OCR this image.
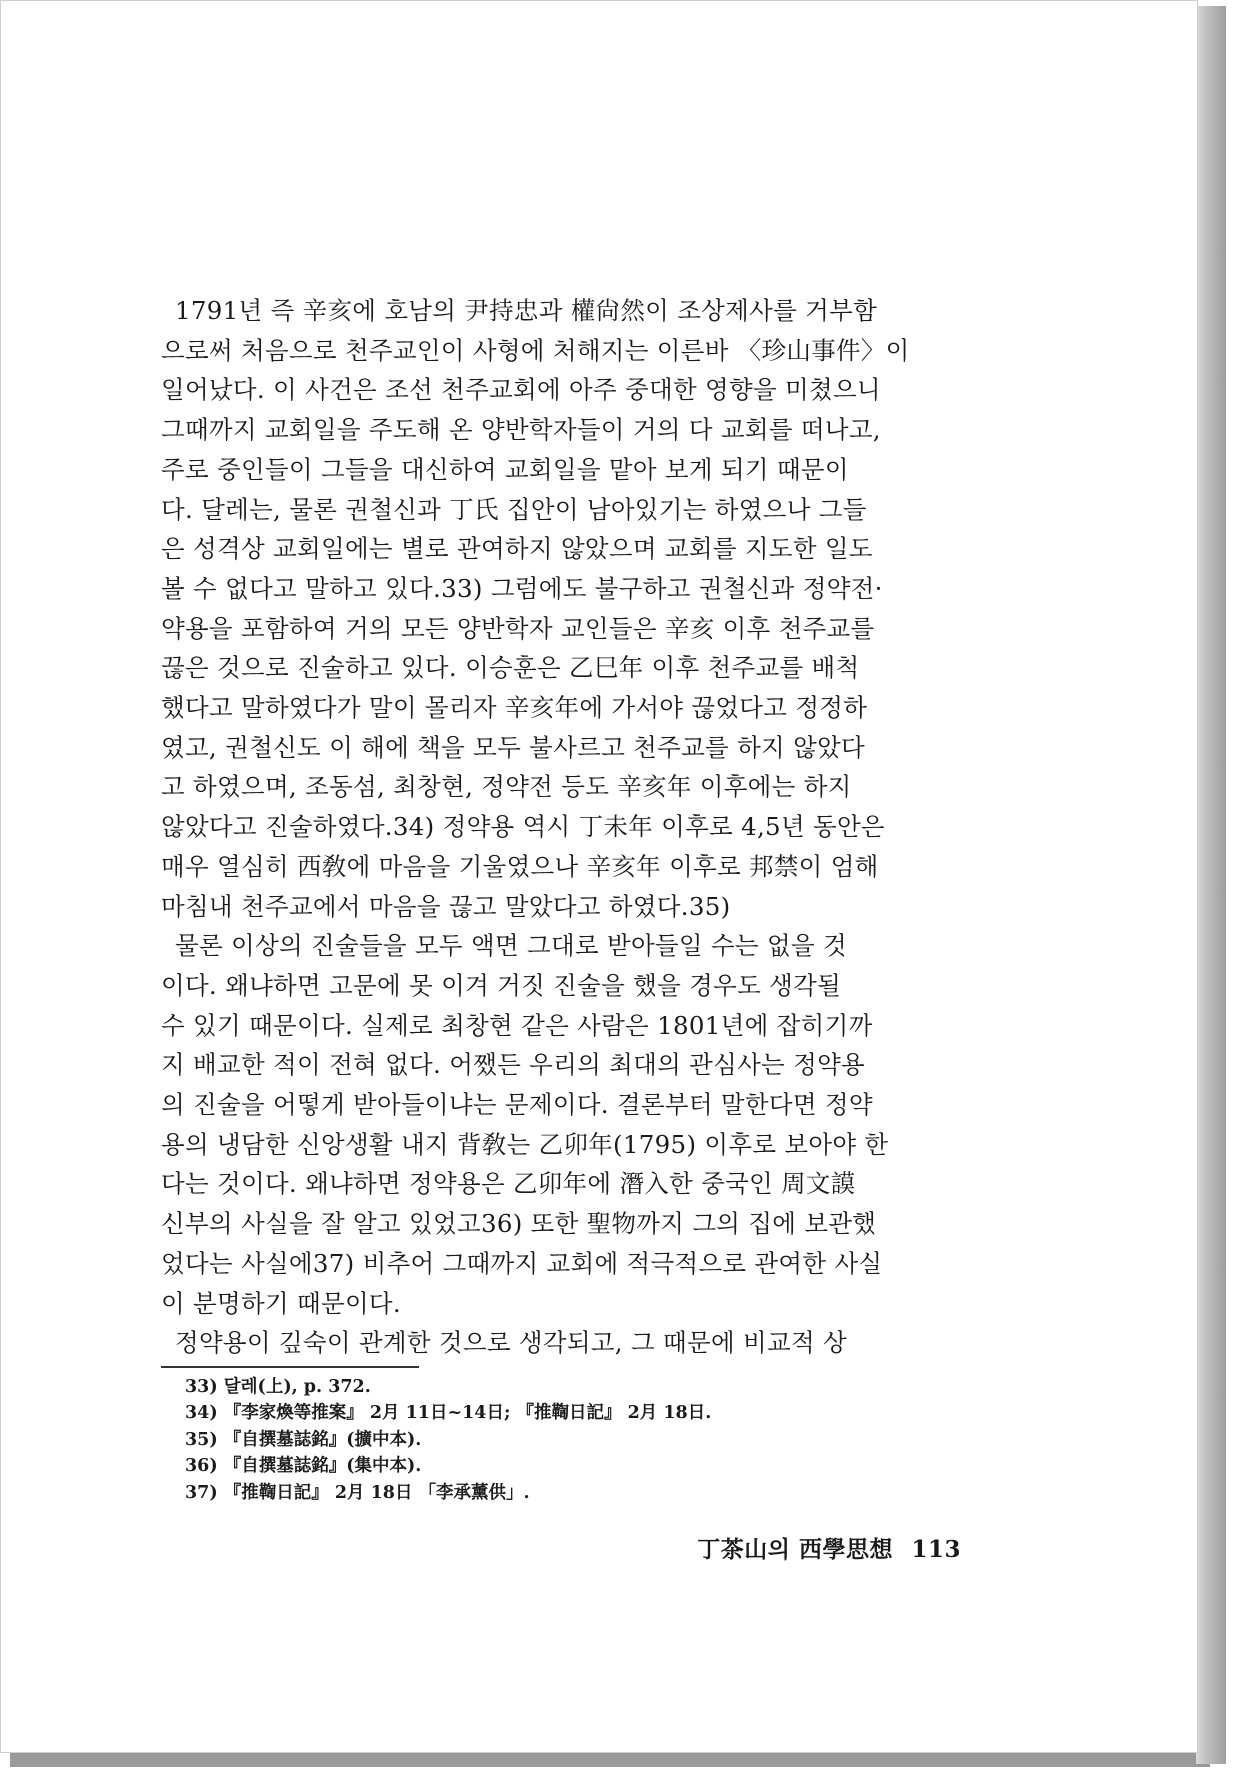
1791년 즉 辛亥에 호남의 尹持忠과 權尙然이 조상제사를 거부함
으로써 처음으로 천주교인이 사형에 처해지는 이른바 〈珍山事件〉이
일어났다. 이 사건은 조선 천주교회에 아주 중대한 영향을 미쳤으니
그때까지 교회일을 주도해 온 양반학자들이 거의 다 교회를 떠나고,
주로 중인들이 그들을 대신하여 교회일을 맡아 보게 되기 때문이
다. 달레는, 물론 권철신과 丁氏 집안이 남아있기는 하였으나 그들
은 성격상 교회일에는 별로 관여하지 않았으며 교회를 지도한 일도
볼 수 없다고 말하고 있다.33) 그럼에도 불구하고 권철신과 정약전·
약용을 포함하여 거의 모든 양반학자 교인들은 辛亥 이후 천주교를
끊은 것으로 진술하고 있다. 이승훈은 乙巳年 이후 천주교를 배척
했다고 말하였다가 말이 몰리자 辛亥年에 가서야 끊었다고 정정하
였고, 권철신도 이 해에 책을 모두 불사르고 천주교를 하지 않았다
고 하였으며, 조동섬, 최창현, 정약전 등도 辛亥年 이후에는 하지
않았다고 진술하였다.34) 정약용 역시 丁未年 이후로 4,5년 동안은
매우 열심히 西敎에 마음을 기울였으나 辛亥年 이후로 邦禁이 엄해
마침내 천주교에서 마음을 끊고 말았다고 하였다.35)
물론 이상의 진술들을 모두 액면 그대로 받아들일 수는 없을 것
이다. 왜냐하면 고문에 못 이겨 거짓 진술을 했을 경우도 생각될
수 있기 때문이다. 실제로 최창현 같은 사람은 1801년에 잡히기까
지 배교한 적이 전혀 없다. 어쨌든 우리의 최대의 관심사는 정약용
의 진술을 어떻게 받아들이냐는 문제이다. 결론부터 말한다면 정약
용의 냉담한 신앙생활 내지 背敎는 乙卯年(1795) 이후로 보아야 한
다는 것이다. 왜냐하면 정약용은 乙卯年에 潛入한 중국인 周文謨
신부의 사실을 잘 알고 있었고36) 또한 聖物까지 그의 집에 보관했
었다는 사실에37) 비추어 그때까지 교회에 적극적으로 관여한 사실
이 분명하기 때문이다.
정약용이 깊숙이 관계한 것으로 생각되고, 그 때문에 비교적 상
33) 달레(上), p. 372.
34) 『李家煥等推案』 2月 11日~14日; 『推鞫日記』 2月 18日.
35) 『自撰墓誌銘』(擴中本).
36) 『自撰墓誌銘』(集中本).
37) 『推鞫日記』 2月 18日 「李承薰供」.
丁茶山의 西學思想 113
